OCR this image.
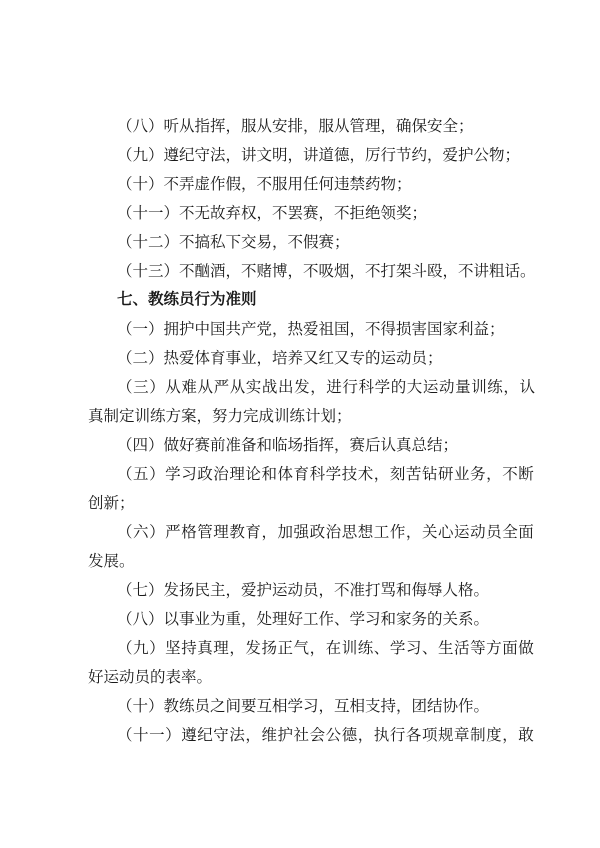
（八）听从指挥，服从安排，服从管理，确保安全；
（九）遵纪守法，讲文明，讲道德，厉行节约，爱护公物；
（十）不弄虚作假，不服用任何违禁药物；
（十一）不无故弃权，不罢赛，不拒绝领奖；
（十二）不搞私下交易，不假赛；
（十三）不酗酒，不赌博，不吸烟，不打架斗殴，不讲粗话。
七、教练员行为准则
（一）拥护中国共产党，热爱祖国，不得损害国家利益；
（二）热爱体育事业，培养又红又专的运动员；
（三）从难从严从实战出发，进行科学的大运动量训练，认
真制定训练方案，努力完成训练计划；
（四）做好赛前准备和临场指挥，赛后认真总结；
（五）学习政治理论和体育科学技术，刻苦钻研业务，不断
创新；
（六）严格管理教育，加强政治思想工作，关心运动员全面
发展。
（七）发扬民主，爱护运动员，不准打骂和侮辱人格。
（八）以事业为重，处理好工作、学习和家务的关系。
（九）坚持真理，发扬正气，在训练、学习、生活等方面做
好运动员的表率。
（十）教练员之间要互相学习，互相支持，团结协作。
（十一）遵纪守法，维护社会公德，执行各项规章制度，敢
